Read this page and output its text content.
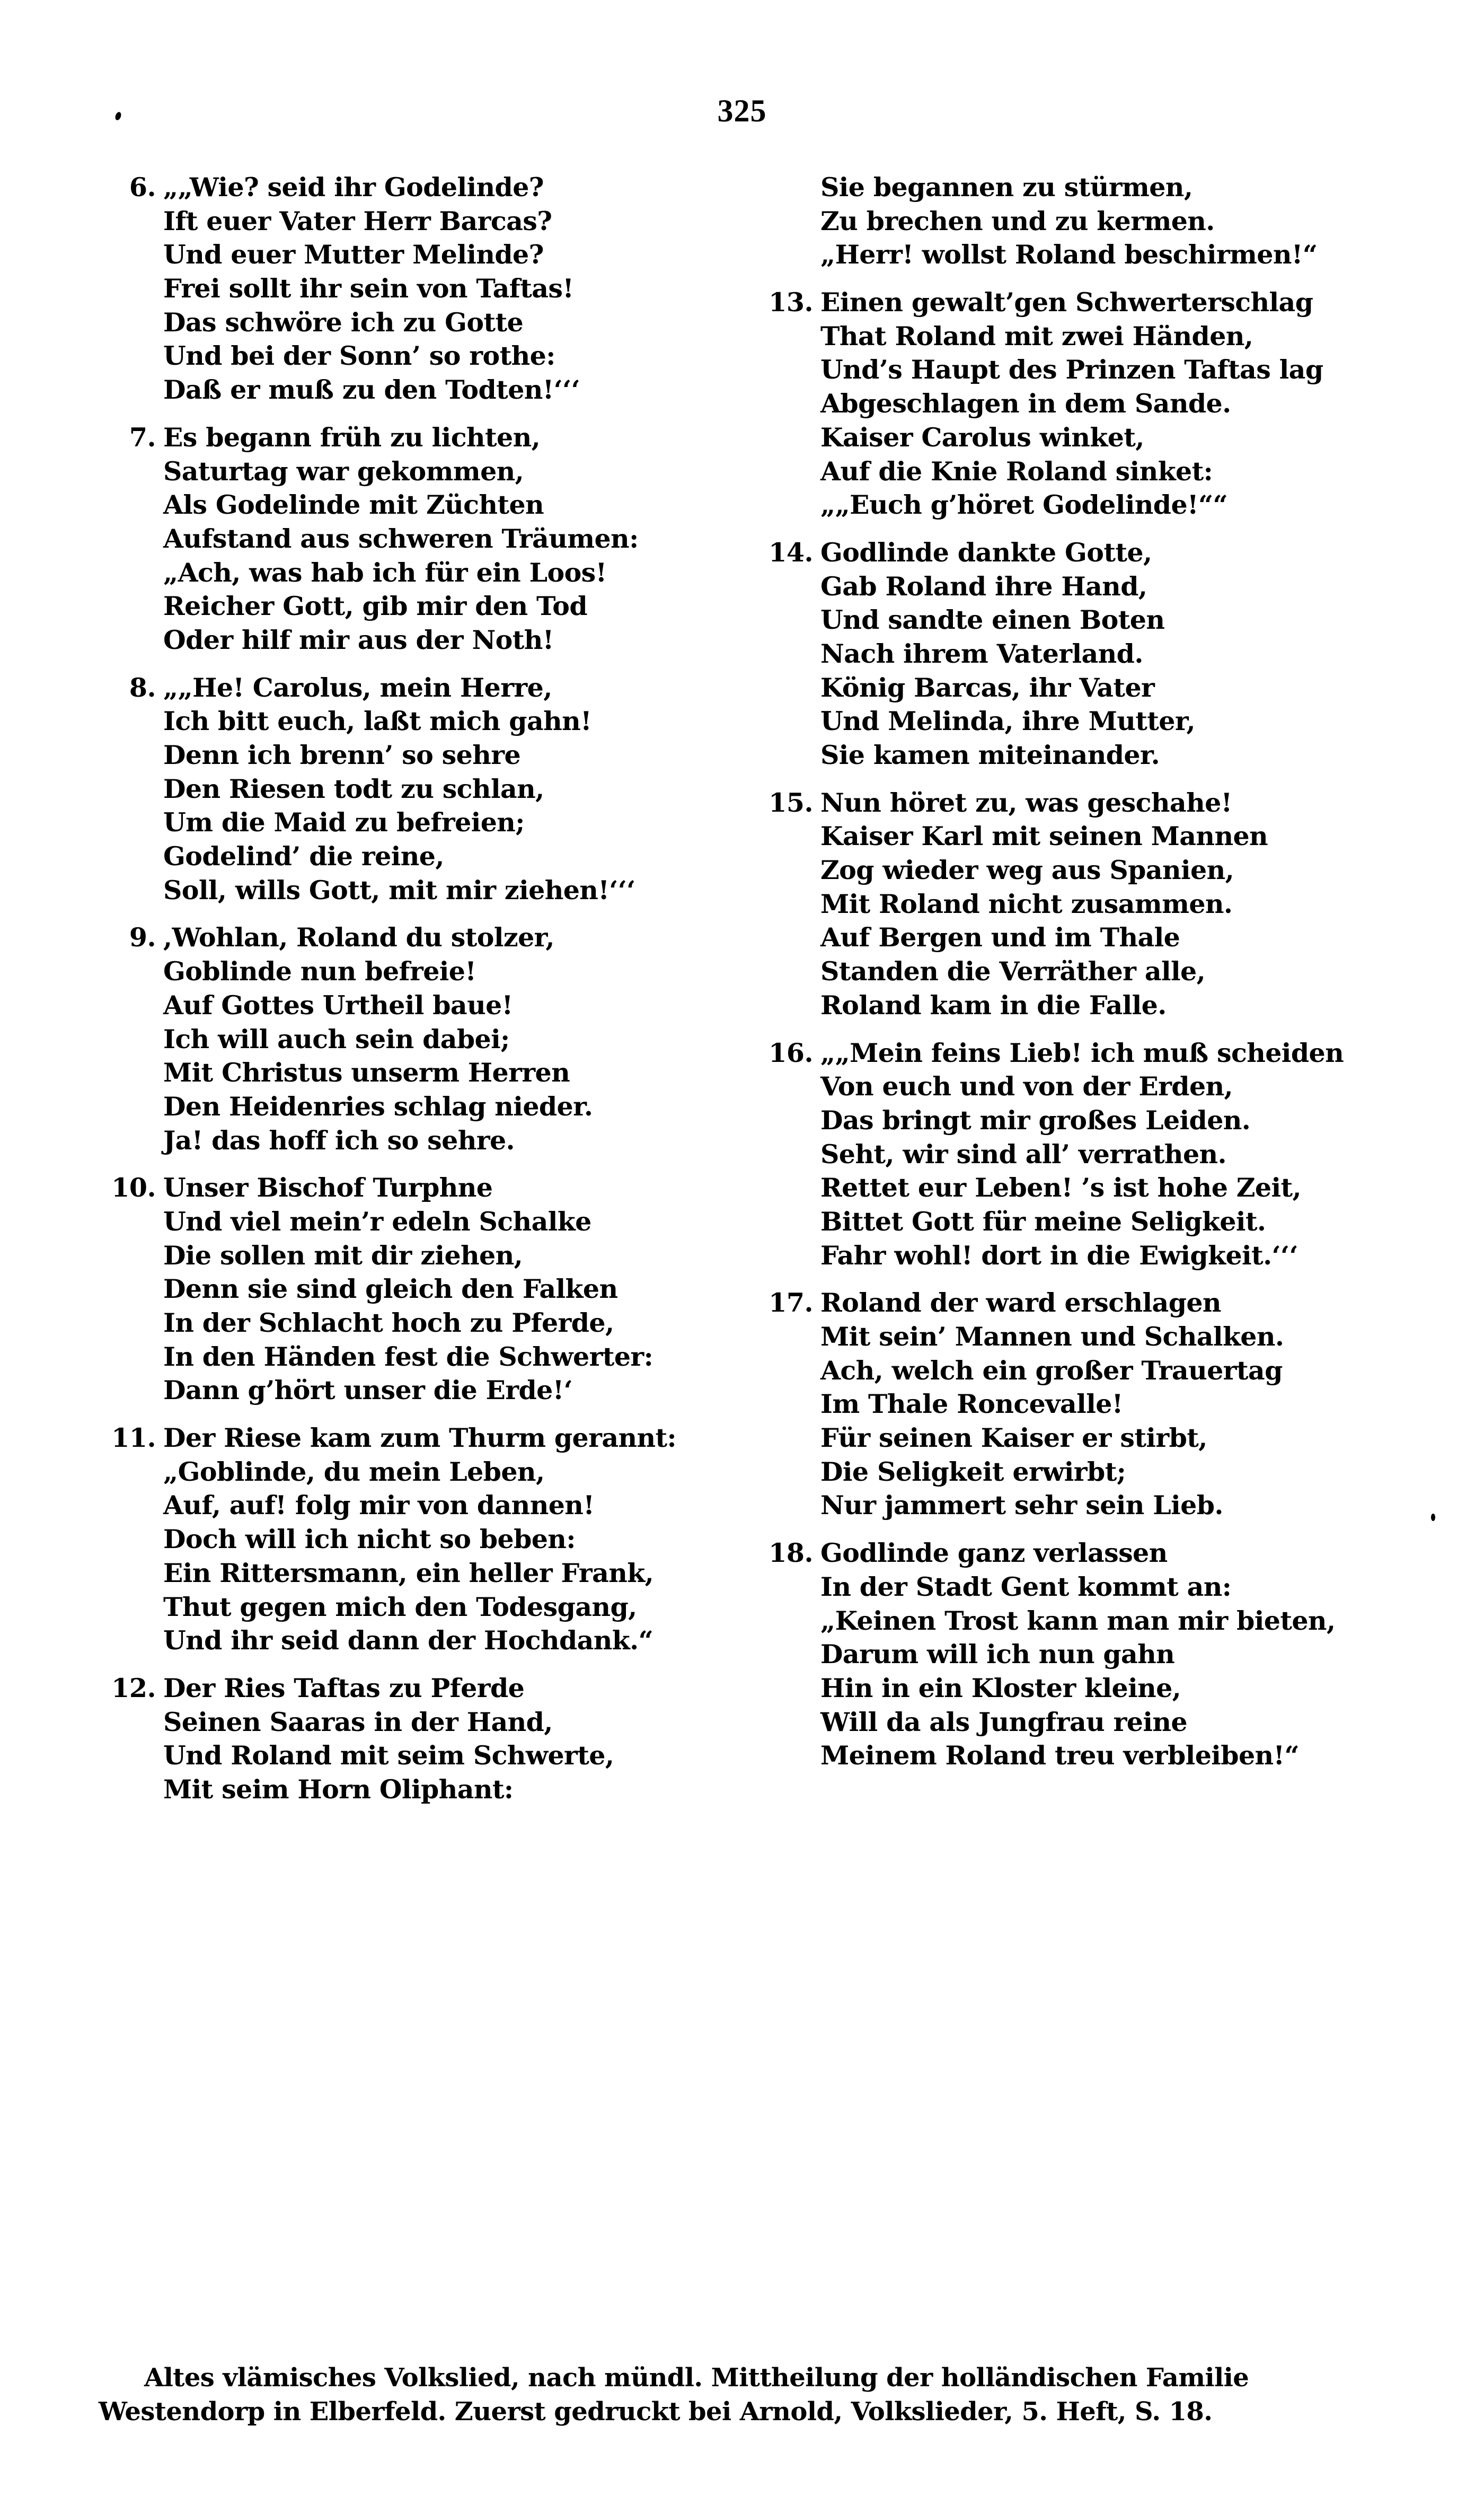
325
6. „„Wie? seid ihr Godelinde?
Ift euer Vater Herr Barcas?
Und euer Mutter Melinde?
Frei sollt ihr sein von Taftas!
Das schwöre ich zu Gotte
Und bei der Sonn’ so rothe:
Daß er muß zu den Todten!‘‘‘
7. Es begann früh zu lichten,
Saturtag war gekommen,
Als Godelinde mit Züchten
Aufstand aus schweren Träumen:
„Ach, was hab ich für ein Loos!
Reicher Gott, gib mir den Tod
Oder hilf mir aus der Noth!
8. „„He! Carolus, mein Herre,
Ich bitt euch, laßt mich gahn!
Denn ich brenn’ so sehre
Den Riesen todt zu schlan,
Um die Maid zu befreien;
Godelind’ die reine,
Soll, wills Gott, mit mir ziehen!‘‘‘
9. ,Wohlan, Roland du stolzer,
Goblinde nun befreie!
Auf Gottes Urtheil baue!
Ich will auch sein dabei;
Mit Christus unserm Herren
Den Heidenries schlag nieder.
Ja! das hoff ich so sehre.
10. Unser Bischof Turphne
Und viel mein’r edeln Schalke
Die sollen mit dir ziehen,
Denn sie sind gleich den Falken
In der Schlacht hoch zu Pferde,
In den Händen fest die Schwerter:
Dann g’hört unser die Erde!‘
11. Der Riese kam zum Thurm gerannt:
„Goblinde, du mein Leben,
Auf, auf! folg mir von dannen!
Doch will ich nicht so beben:
Ein Rittersmann, ein heller Frank,
Thut gegen mich den Todesgang,
Und ihr seid dann der Hochdank.“
12. Der Ries Taftas zu Pferde
Seinen Saaras in der Hand,
Und Roland mit seim Schwerte,
Mit seim Horn Oliphant:
Sie begannen zu stürmen,
Zu brechen und zu kermen.
„Herr! wollst Roland beschirmen!“
13. Einen gewalt’gen Schwerterschlag
That Roland mit zwei Händen,
Und’s Haupt des Prinzen Taftas lag
Abgeschlagen in dem Sande.
Kaiser Carolus winket,
Auf die Knie Roland sinket:
„„Euch g’höret Godelinde!““
14. Godlinde dankte Gotte,
Gab Roland ihre Hand,
Und sandte einen Boten
Nach ihrem Vaterland.
König Barcas, ihr Vater
Und Melinda, ihre Mutter,
Sie kamen miteinander.
15. Nun höret zu, was geschahe!
Kaiser Karl mit seinen Mannen
Zog wieder weg aus Spanien,
Mit Roland nicht zusammen.
Auf Bergen und im Thale
Standen die Verräther alle,
Roland kam in die Falle.
16. „„Mein feins Lieb! ich muß scheiden
Von euch und von der Erden,
Das bringt mir großes Leiden.
Seht, wir sind all’ verrathen.
Rettet eur Leben! ’s ist hohe Zeit,
Bittet Gott für meine Seligkeit.
Fahr wohl! dort in die Ewigkeit.‘‘‘
17. Roland der ward erschlagen
Mit sein’ Mannen und Schalken.
Ach, welch ein großer Trauertag
Im Thale Roncevalle!
Für seinen Kaiser er stirbt,
Die Seligkeit erwirbt;
Nur jammert sehr sein Lieb.
18. Godlinde ganz verlassen
In der Stadt Gent kommt an:
„Keinen Trost kann man mir bieten,
Darum will ich nun gahn
Hin in ein Kloster kleine,
Will da als Jungfrau reine
Meinem Roland treu verbleiben!“
Altes vlämisches Volkslied, nach mündl. Mittheilung der holländischen Familie
Westendorp in Elberfeld. Zuerst gedruckt bei Arnold, Volkslieder, 5. Heft, S. 18.
